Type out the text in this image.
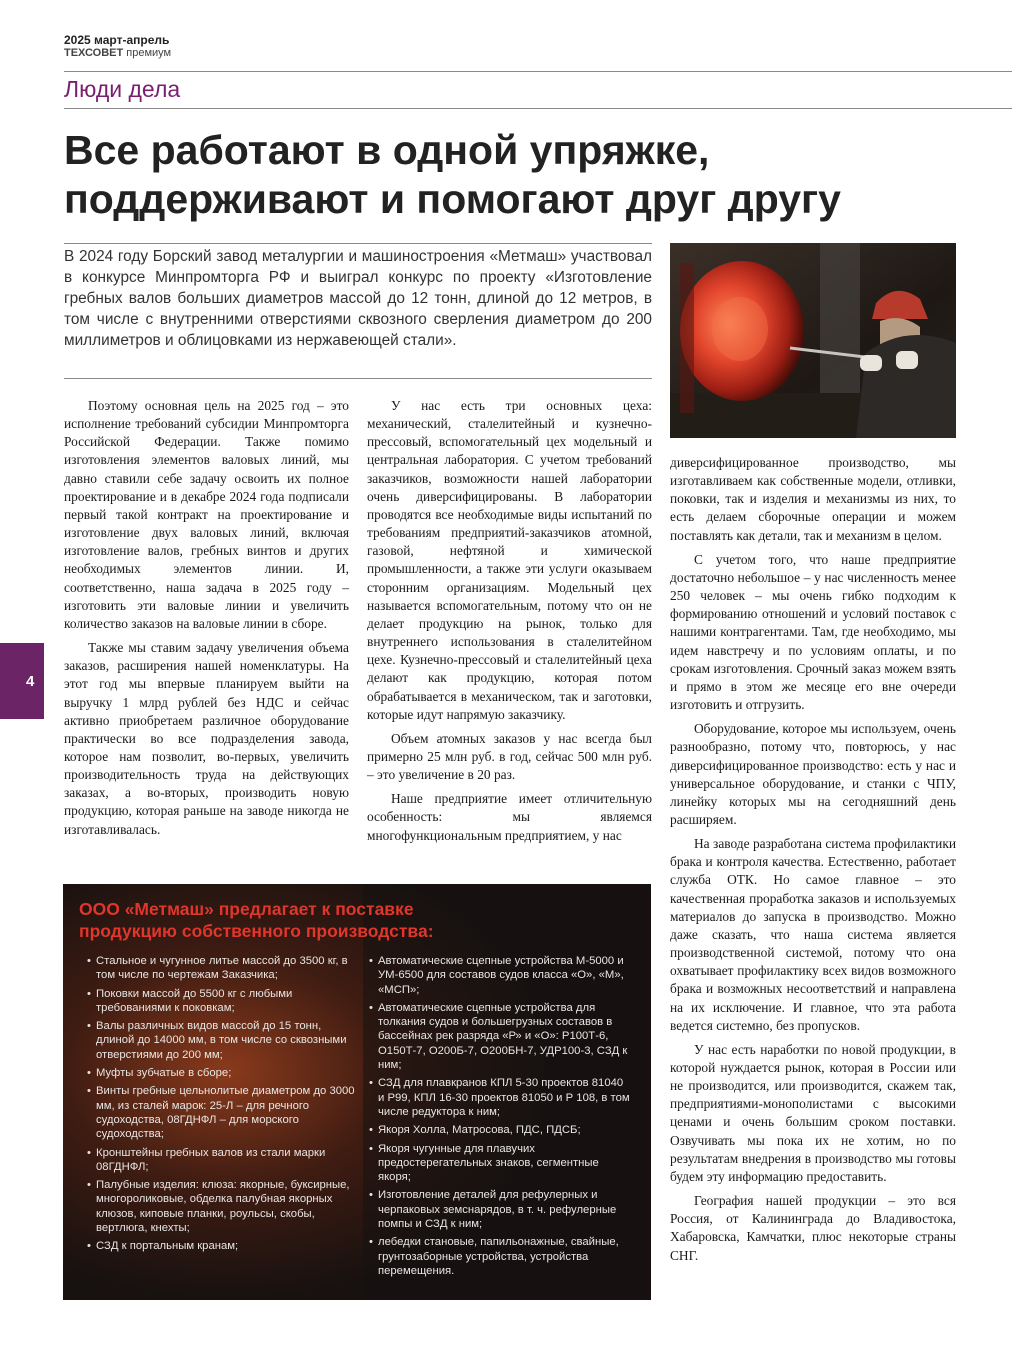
2025 март-апрель
ТЕХСОВЕТ премиум
Люди дела
Все работают в одной упряжке, поддерживают и помогают друг другу

В 2024 году Борский завод металургии и машиностроения «Метмаш» участвовал в конкурсе Минпромторга РФ и выиграл конкурс по проекту «Изготовление гребных валов больших диаметров массой до 12 тонн, длиной до 12 метров, в том числе с внутренними отверстиями сквозного сверления диаметром до 200 миллиметров и облицовками из нержавеющей стали».

Поэтому основная цель на 2025 год – это исполнение требований субсидии Минпромторга Российской Федерации. Также помимо изготовления элементов валовых линий, мы давно ставили себе задачу освоить их полное проектирование и в декабре 2024 года подписали первый такой контракт на проектирование и изготовление двух валовых линий, включая изготовление валов, гребных винтов и других необходимых элементов линии. И, соответственно, наша задача в 2025 году – изготовить эти валовые линии и увеличить количество заказов на валовые линии в сборе.

Также мы ставим задачу увеличения объема заказов, расширения нашей номенклатуры. На этот год мы впервые планируем выйти на выручку 1 млрд рублей без НДС и сейчас активно приобретаем различное оборудование практически во все подразделения завода, которое нам позволит, во-первых, увеличить производительность труда на действующих заказах, а во-вторых, производить новую продукцию, которая раньше на заводе никогда не изготавливалась.

У нас есть три основных цеха: механический, сталелитейный и кузнечно-прессовый, вспомогательный цех модельный и центральная лаборатория. С учетом требований заказчиков, возможности нашей лаборатории очень диверсифицированы. В лаборатории проводятся все необходимые виды испытаний по требованиям предприятий-заказчиков атомной, газовой, нефтяной и химической промышленности, а также эти услуги оказываем сторонним организациям. Модельный цех называется вспомогательным, потому что он не делает продукцию на рынок, только для внутреннего использования в сталелитейном цехе. Кузнечно-прессовый и сталелитейный цеха делают как продукцию, которая потом обрабатывается в механическом, так и заготовки, которые идут напрямую заказчику.

Объем атомных заказов у нас всегда был примерно 25 млн руб. в год, сейчас 500 млн руб. – это увеличение в 20 раз.

Наше предприятие имеет отличительную особенность: мы являемся многофункциональным предприятием, у нас

диверсифицированное производство, мы изготавливаем как собственные модели, отливки, поковки, так и изделия и механизмы из них, то есть делаем сборочные операции и можем поставлять как детали, так и механизм в целом.

С учетом того, что наше предприятие достаточно небольшое – у нас численность менее 250 человек – мы очень гибко подходим к формированию отношений и условий поставок с нашими контрагентами. Там, где необходимо, мы идем навстречу и по условиям оплаты, и по срокам изготовления. Срочный заказ можем взять и прямо в этом же месяце его вне очереди изготовить и отгрузить.

Оборудование, которое мы используем, очень разнообразно, потому что, повторюсь, у нас диверсифицированное производство: есть у нас и универсальное оборудование, и станки с ЧПУ, линейку которых мы на сегодняшний день расширяем.

На заводе разработана система профилактики брака и контроля качества. Естественно, работает служба ОТК. Но самое главное – это качественная проработка заказов и используемых материалов до запуска в производство. Можно даже сказать, что наша система является производственной системой, потому что она охватывает профилактику всех видов возможного брака и возможных несоответствий и направлена на их исключение. И главное, что эта работа ведется системно, без пропусков.

У нас есть наработки по новой продукции, в которой нуждается рынок, которая в России или не производится, или производится, скажем так, предприятиями-монополистами с высокими ценами и очень большим сроком поставки. Озвучивать мы пока их не хотим, но по результатам внедрения в производство мы готовы будем эту информацию предоставить.

География нашей продукции – это вся Россия, от Калининграда до Владивостока, Хабаровска, Камчатки, плюс некоторые страны СНГ.

4

ООО «Метмаш» предлагает к поставке продукцию собственного производства:

• Стальное и чугунное литье массой до 3500 кг, в том числе по чертежам Заказчика;
• Поковки массой до 5500 кг с любыми требованиями к поковкам;
• Валы различных видов массой до 15 тонн, длиной до 14000 мм, в том числе со сквозными отверстиями до 200 мм;
• Муфты зубчатые в сборе;
• Винты гребные цельнолитые диаметром до 3000 мм, из сталей марок: 25-Л – для речного судоходства, 08ГДНФЛ – для морского судоходства;
• Кронштейны гребных валов из стали марки 08ГДНФЛ;
• Палубные изделия: клюза: якорные, буксирные, многороликовые, обделка палубная якорных клюзов, киповые планки, роульсы, скобы, вертлюга, кнехты;
• СЗД к портальным кранам;
• Автоматические сцепные устройства М-5000 и УМ-6500 для составов судов класса «О», «М», «МСП»;
• Автоматические сцепные устройства для толкания судов и большегрузных составов в бассейнах рек разряда «Р» и «О»: Р100Т-6, О150Т-7, О200Б-7, О200БН-7, УДР100-3, СЗД к ним;
• СЗД для плавкранов КПЛ 5-30 проектов 81040 и Р99, КПЛ 16-30 проектов 81050 и Р 108, в том числе редуктора к ним;
• Якоря Холла, Матросова, ПДС, ПДСБ;
• Якоря чугунные для плавучих предостерегательных знаков, сегментные якоря;
• Изготовление деталей для рефулерных и черпаковых земснарядов, в т. ч. рефулерные помпы и СЗД к ним;
• лебедки становые, папильонажные, свайные, грунтозаборные устройства, устройства перемещения.
